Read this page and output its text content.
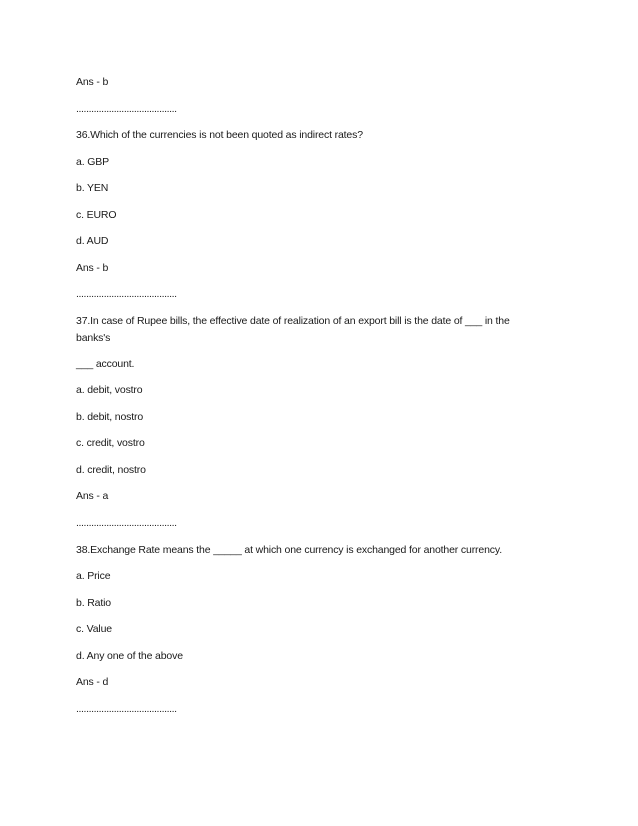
Ans - b
........................................
36.Which of the currencies is not been quoted as indirect rates?
a. GBP
b. YEN
c. EURO
d. AUD
Ans - b
........................................
37.In case of Rupee bills, the effective date of realization of an export bill is the date of ___ in the
banks's
___ account.
a. debit, vostro
b. debit, nostro
c. credit, vostro
d. credit, nostro
Ans - a
........................................
38.Exchange Rate means the _____ at which one currency is exchanged for another currency.
a. Price
b. Ratio
c. Value
d. Any one of the above
Ans - d
........................................
